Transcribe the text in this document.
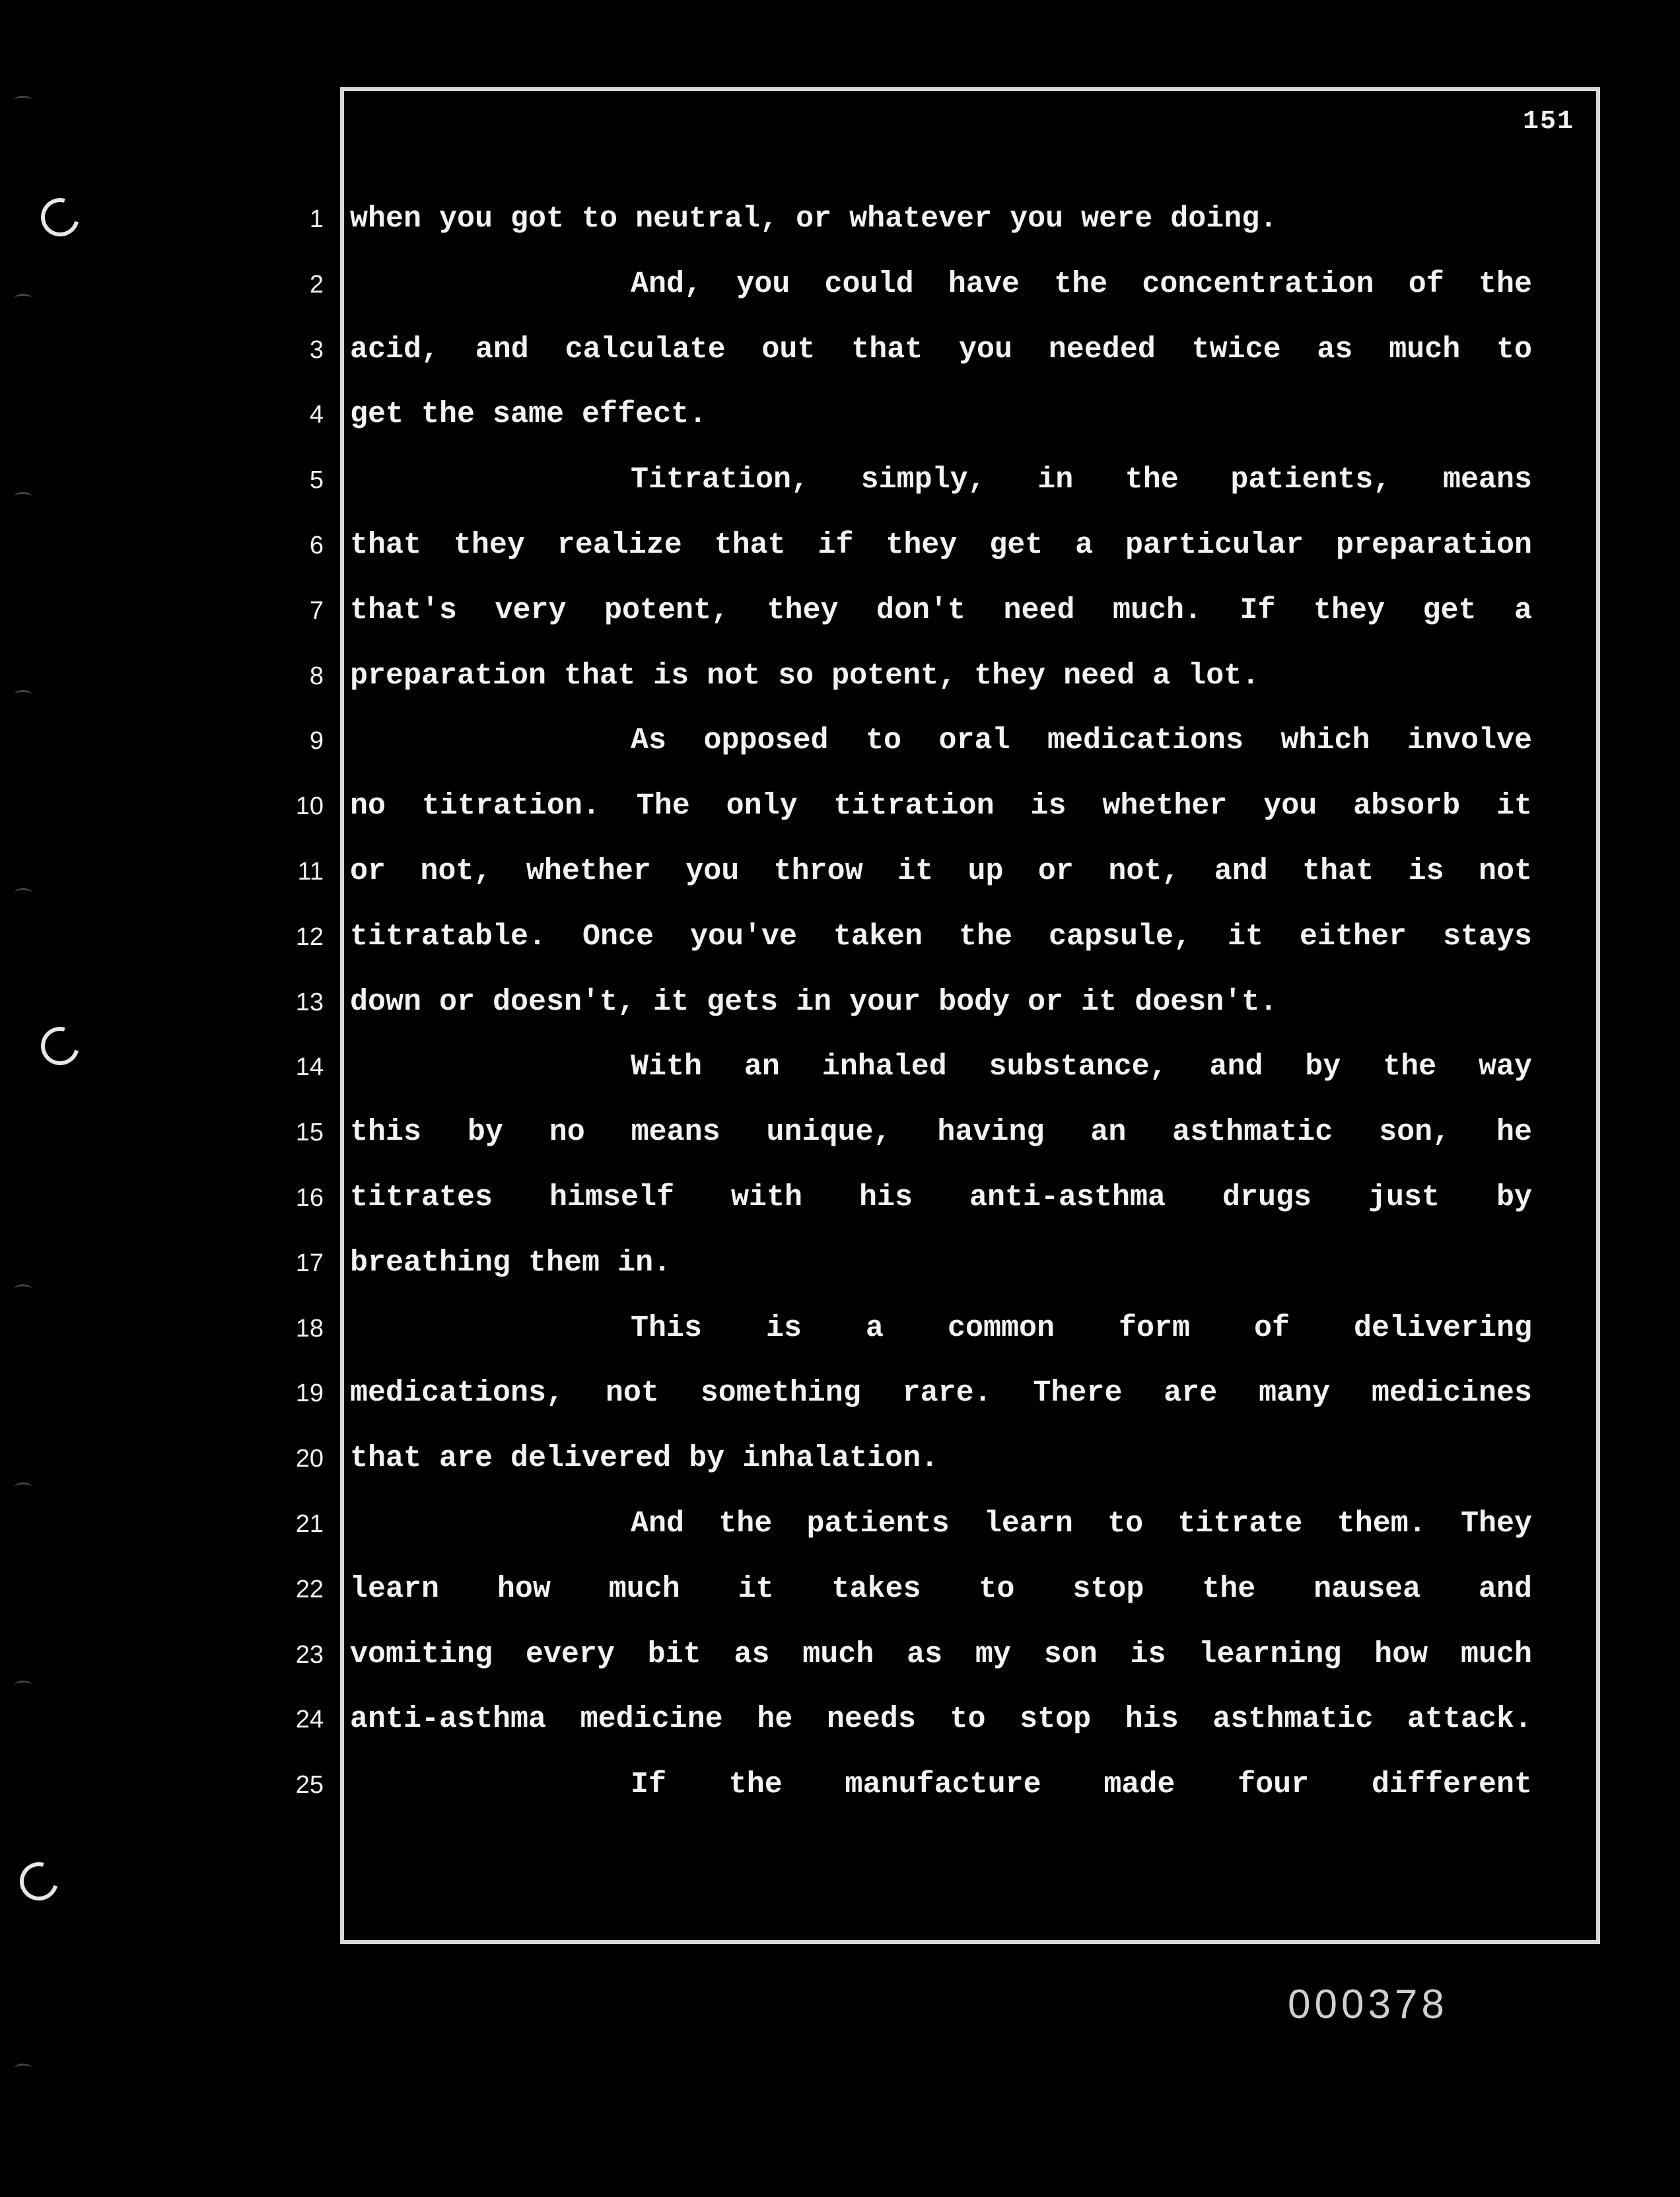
151
1
2
3
4
5
6
7
8
9
10
11
12
13
14
15
16
17
18
19
20
21
22
23
24
25
when you got to neutral, or whatever you were doing.
And, you could have the concentration of the
acid, and calculate out that you needed twice as much to
get the same effect.
Titration, simply, in the patients, means
that they realize that if they get a particular preparation
that's very potent, they don't need much. If they get a
preparation that is not so potent, they need a lot.
As opposed to oral medications which involve
no titration. The only titration is whether you absorb it
or not, whether you throw it up or not, and that is not
titratable. Once you've taken the capsule, it either stays
down or doesn't, it gets in your body or it doesn't.
With an inhaled substance, and by the way
this by no means unique, having an asthmatic son, he
titrates himself with his anti-asthma drugs just by
breathing them in.
This is a common form of delivering
medications, not something rare. There are many medicines
that are delivered by inhalation.
And the patients learn to titrate them. They
learn how much it takes to stop the nausea and
vomiting every bit as much as my son is learning how much
anti-asthma medicine he needs to stop his asthmatic attack.
If the manufacture made four different
000378
